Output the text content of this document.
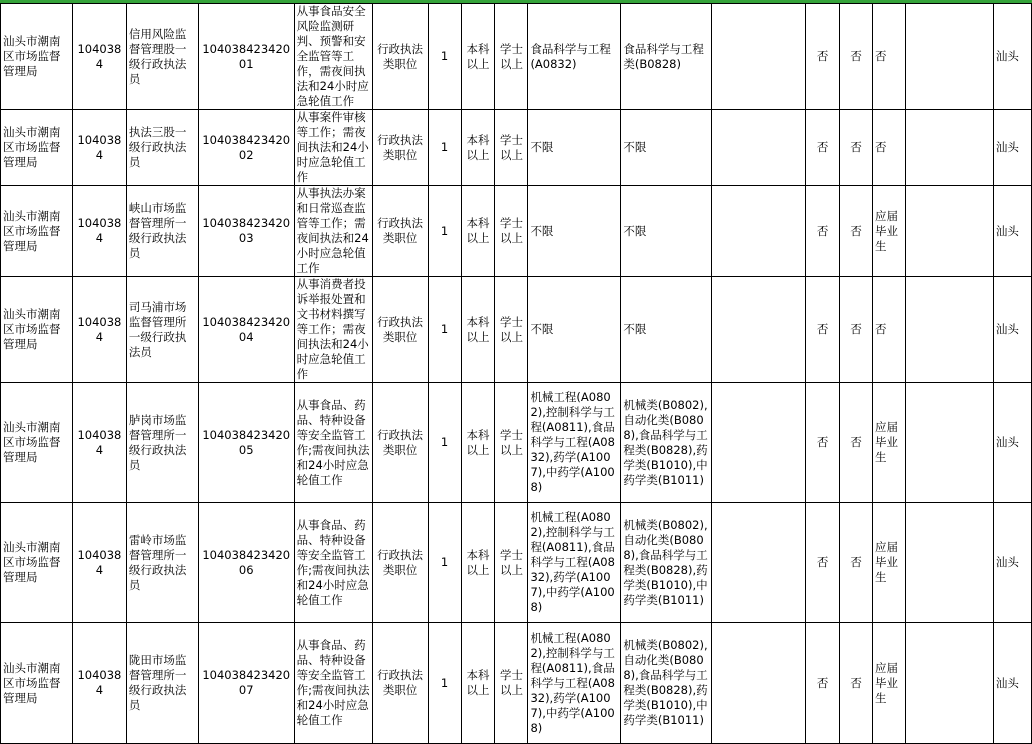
汕头市潮南区市场监督管理局	1040384	信用风险监督管理股一级行政执法员	10403842342001	从事食品安全风险监测研判、预警和安全监管等工作，需夜间执法和24小时应急轮值工作	行政执法类职位	1	本科以上	学士以上	食品科学与工程(A0832)	食品科学与工程类(B0828)		否	否	否		汕头
汕头市潮南区市场监督管理局	1040384	执法三股一级行政执法员	10403842342002	从事案件审核等工作；需夜间执法和24小时应急轮值工作	行政执法类职位	1	本科以上	学士以上	不限	不限		否	否	否		汕头
汕头市潮南区市场监督管理局	1040384	峡山市场监督管理所一级行政执法员	10403842342003	从事执法办案和日常巡查监管等工作；需夜间执法和24小时应急轮值工作	行政执法类职位	1	本科以上	学士以上	不限	不限		否	否	应届毕业生		汕头
汕头市潮南区市场监督管理局	1040384	司马浦市场监督管理所一级行政执法员	10403842342004	从事消费者投诉举报处置和文书材料撰写等工作；需夜间执法和24小时应急轮值工作	行政执法类职位	1	本科以上	学士以上	不限	不限		否	否	否		汕头
汕头市潮南区市场监督管理局	1040384	胪岗市场监督管理所一级行政执法员	10403842342005	从事食品、药品、特种设备等安全监管工作;需夜间执法和24小时应急轮值工作	行政执法类职位	1	本科以上	学士以上	机械工程(A0802),控制科学与工程(A0811),食品科学与工程(A0832),药学(A1007),中药学(A1008)	机械类(B0802),自动化类(B0808),食品科学与工程类(B0828),药学类(B1010),中药学类(B1011)		否	否	应届毕业生		汕头
汕头市潮南区市场监督管理局	1040384	雷岭市场监督管理所一级行政执法员	10403842342006	从事食品、药品、特种设备等安全监管工作;需夜间执法和24小时应急轮值工作	行政执法类职位	1	本科以上	学士以上	机械工程(A0802),控制科学与工程(A0811),食品科学与工程(A0832),药学(A1007),中药学(A1008)	机械类(B0802),自动化类(B0808),食品科学与工程类(B0828),药学类(B1010),中药学类(B1011)		否	否	应届毕业生		汕头
汕头市潮南区市场监督管理局	1040384	陇田市场监督管理所一级行政执法员	10403842342007	从事食品、药品、特种设备等安全监管工作;需夜间执法和24小时应急轮值工作	行政执法类职位	1	本科以上	学士以上	机械工程(A0802),控制科学与工程(A0811),食品科学与工程(A0832),药学(A1007),中药学(A1008)	机械类(B0802),自动化类(B0808),食品科学与工程类(B0828),药学类(B1010),中药学类(B1011)		否	否	应届毕业生		汕头
